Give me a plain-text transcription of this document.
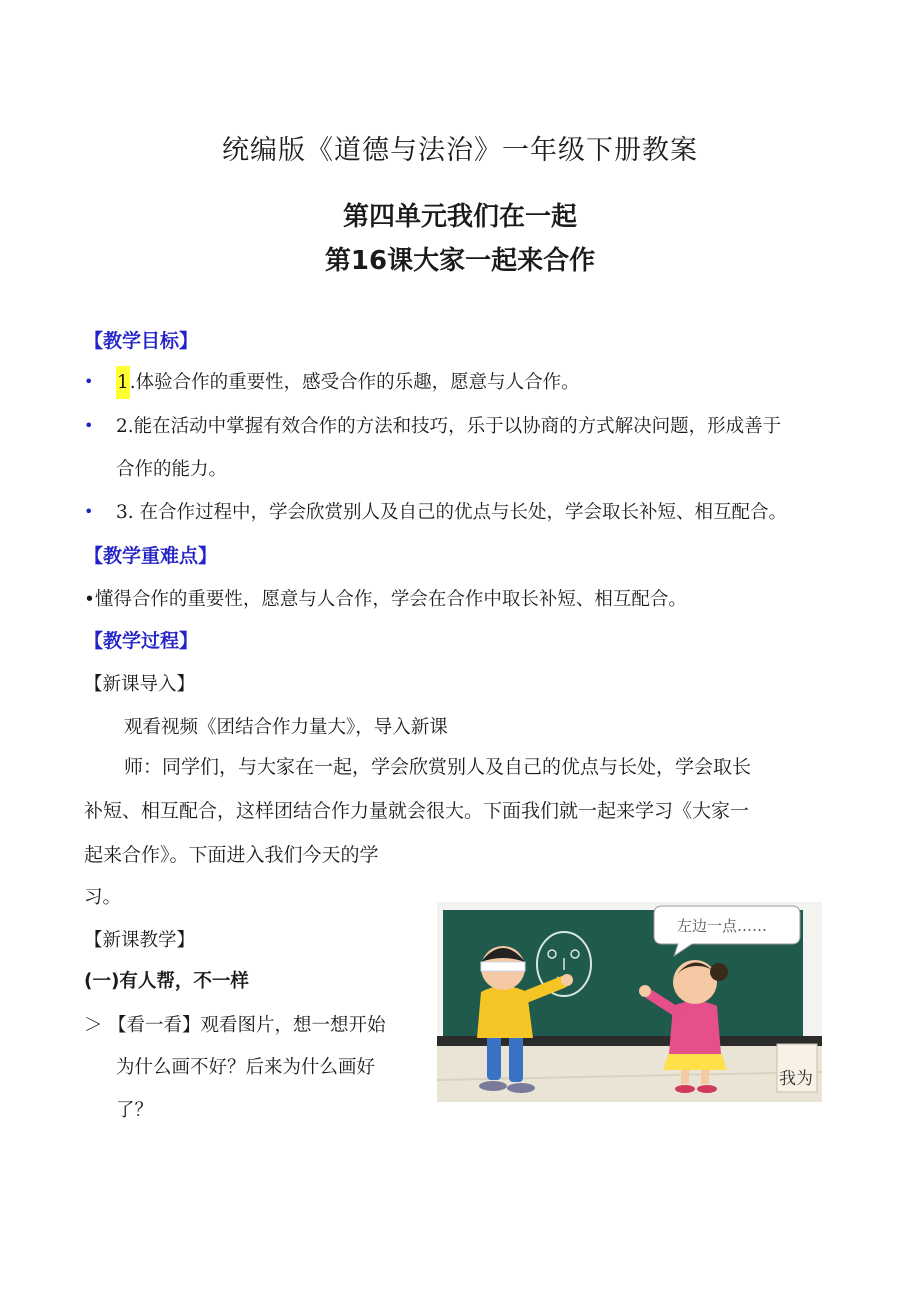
统编版《道德与法治》一年级下册教案
第四单元我们在一起
第16课大家一起来合作
【教学目标】
• 1.体验合作的重要性，感受合作的乐趣，愿意与人合作。
• 2.能在活动中掌握有效合作的方法和技巧，乐于以协商的方式解决问题，形成善于
合作的能力。
• 3. 在合作过程中，学会欣赏别人及自己的优点与长处，学会取长补短、相互配合。
【教学重难点】
•懂得合作的重要性，愿意与人合作，学会在合作中取长补短、相互配合。
【教学过程】
【新课导入】
观看视频《团结合作力量大》，导入新课
师：同学们，与大家在一起，学会欣赏别人及自己的优点与长处，学会取长
补短、相互配合，这样团结合作力量就会很大。下面我们就一起来学习《大家一
起来合作》。下面进入我们今天的学
习。
【新课教学】
(一)有人帮，不一样
＞ 【看一看】观看图片，想一想开始
为什么画不好？后来为什么画好
了？
左边一点……
我为
